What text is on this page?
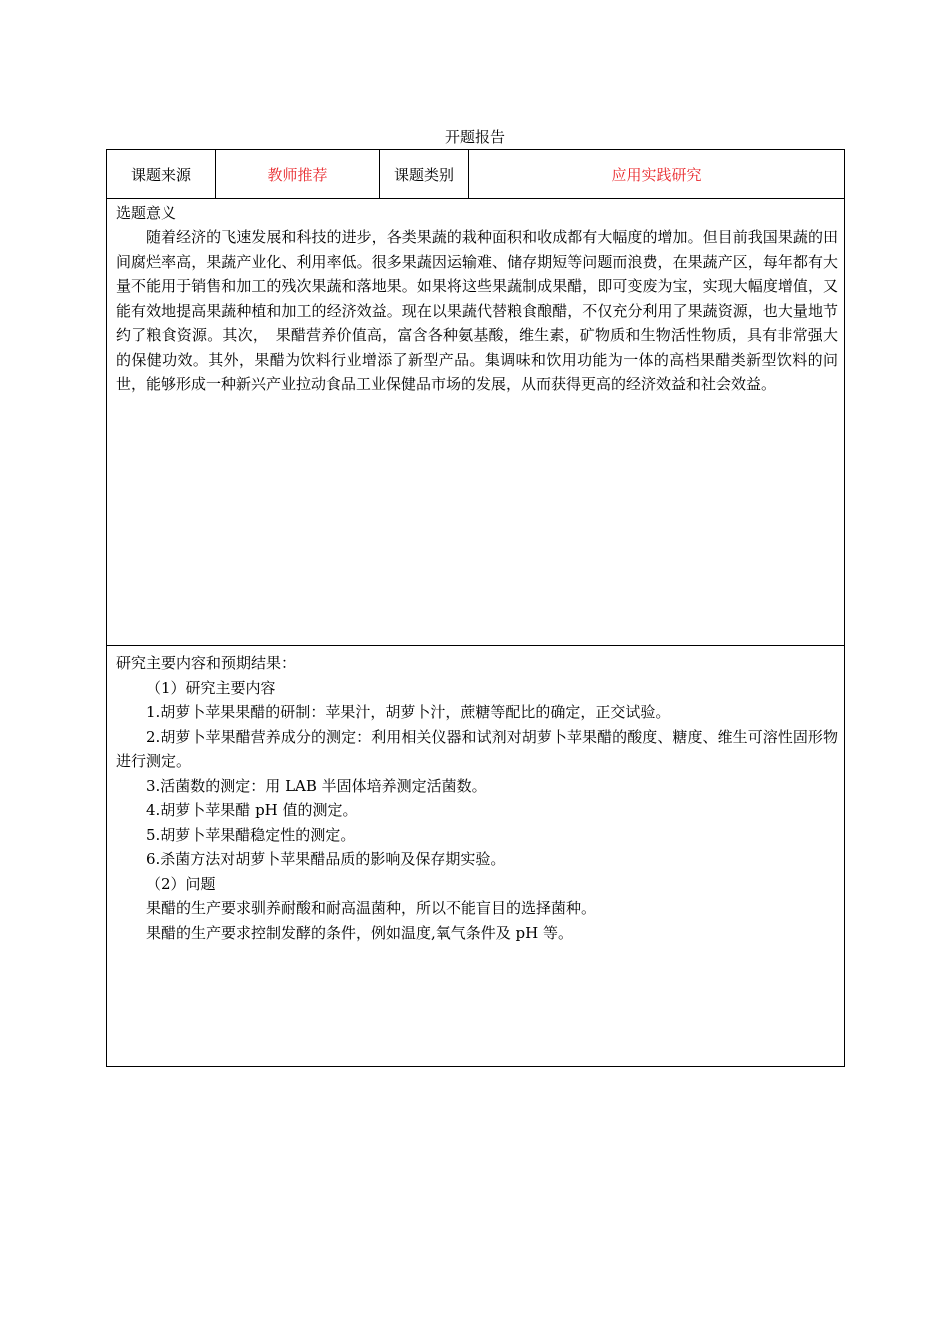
开题报告
课题来源	教师推荐	课题类别	应用实践研究

选题意义

随着经济的飞速发展和科技的进步，各类果蔬的栽种面积和收成都有大幅度的增加。但目前我国果蔬的田间腐烂率高，果蔬产业化、利用率低。很多果蔬因运输难、储存期短等问题而浪费，在果蔬产区，每年都有大量不能用于销售和加工的残次果蔬和落地果。如果将这些果蔬制成果醋，即可变废为宝，实现大幅度增值，又能有效地提高果蔬种植和加工的经济效益。现在以果蔬代替粮食酿醋，不仅充分利用了果蔬资源，也大量地节约了粮食资源。其次，　果醋营养价值高，富含各种氨基酸，维生素，矿物质和生物活性物质，具有非常强大的保健功效。其外，果醋为饮料行业增添了新型产品。集调味和饮用功能为一体的高档果醋类新型饮料的问世，能够形成一种新兴产业拉动食品工业保健品市场的发展，从而获得更高的经济效益和社会效益。

研究主要内容和预期结果：
（1）研究主要内容
1.胡萝卜苹果果醋的研制：苹果汁，胡萝卜汁，蔗糖等配比的确定，正交试验。
2.胡萝卜苹果醋营养成分的测定：利用相关仪器和试剂对胡萝卜苹果醋的酸度、糖度、维生可溶性固形物进行测定。
3.活菌数的测定：用 LAB 半固体培养测定活菌数。
4.胡萝卜苹果醋 pH 值的测定。
5.胡萝卜苹果醋稳定性的测定。
6.杀菌方法对胡萝卜苹果醋品质的影响及保存期实验。
（2）问题
果醋的生产要求驯养耐酸和耐高温菌种，所以不能盲目的选择菌种。
果醋的生产要求控制发酵的条件，例如温度,氧气条件及 pH 等。
